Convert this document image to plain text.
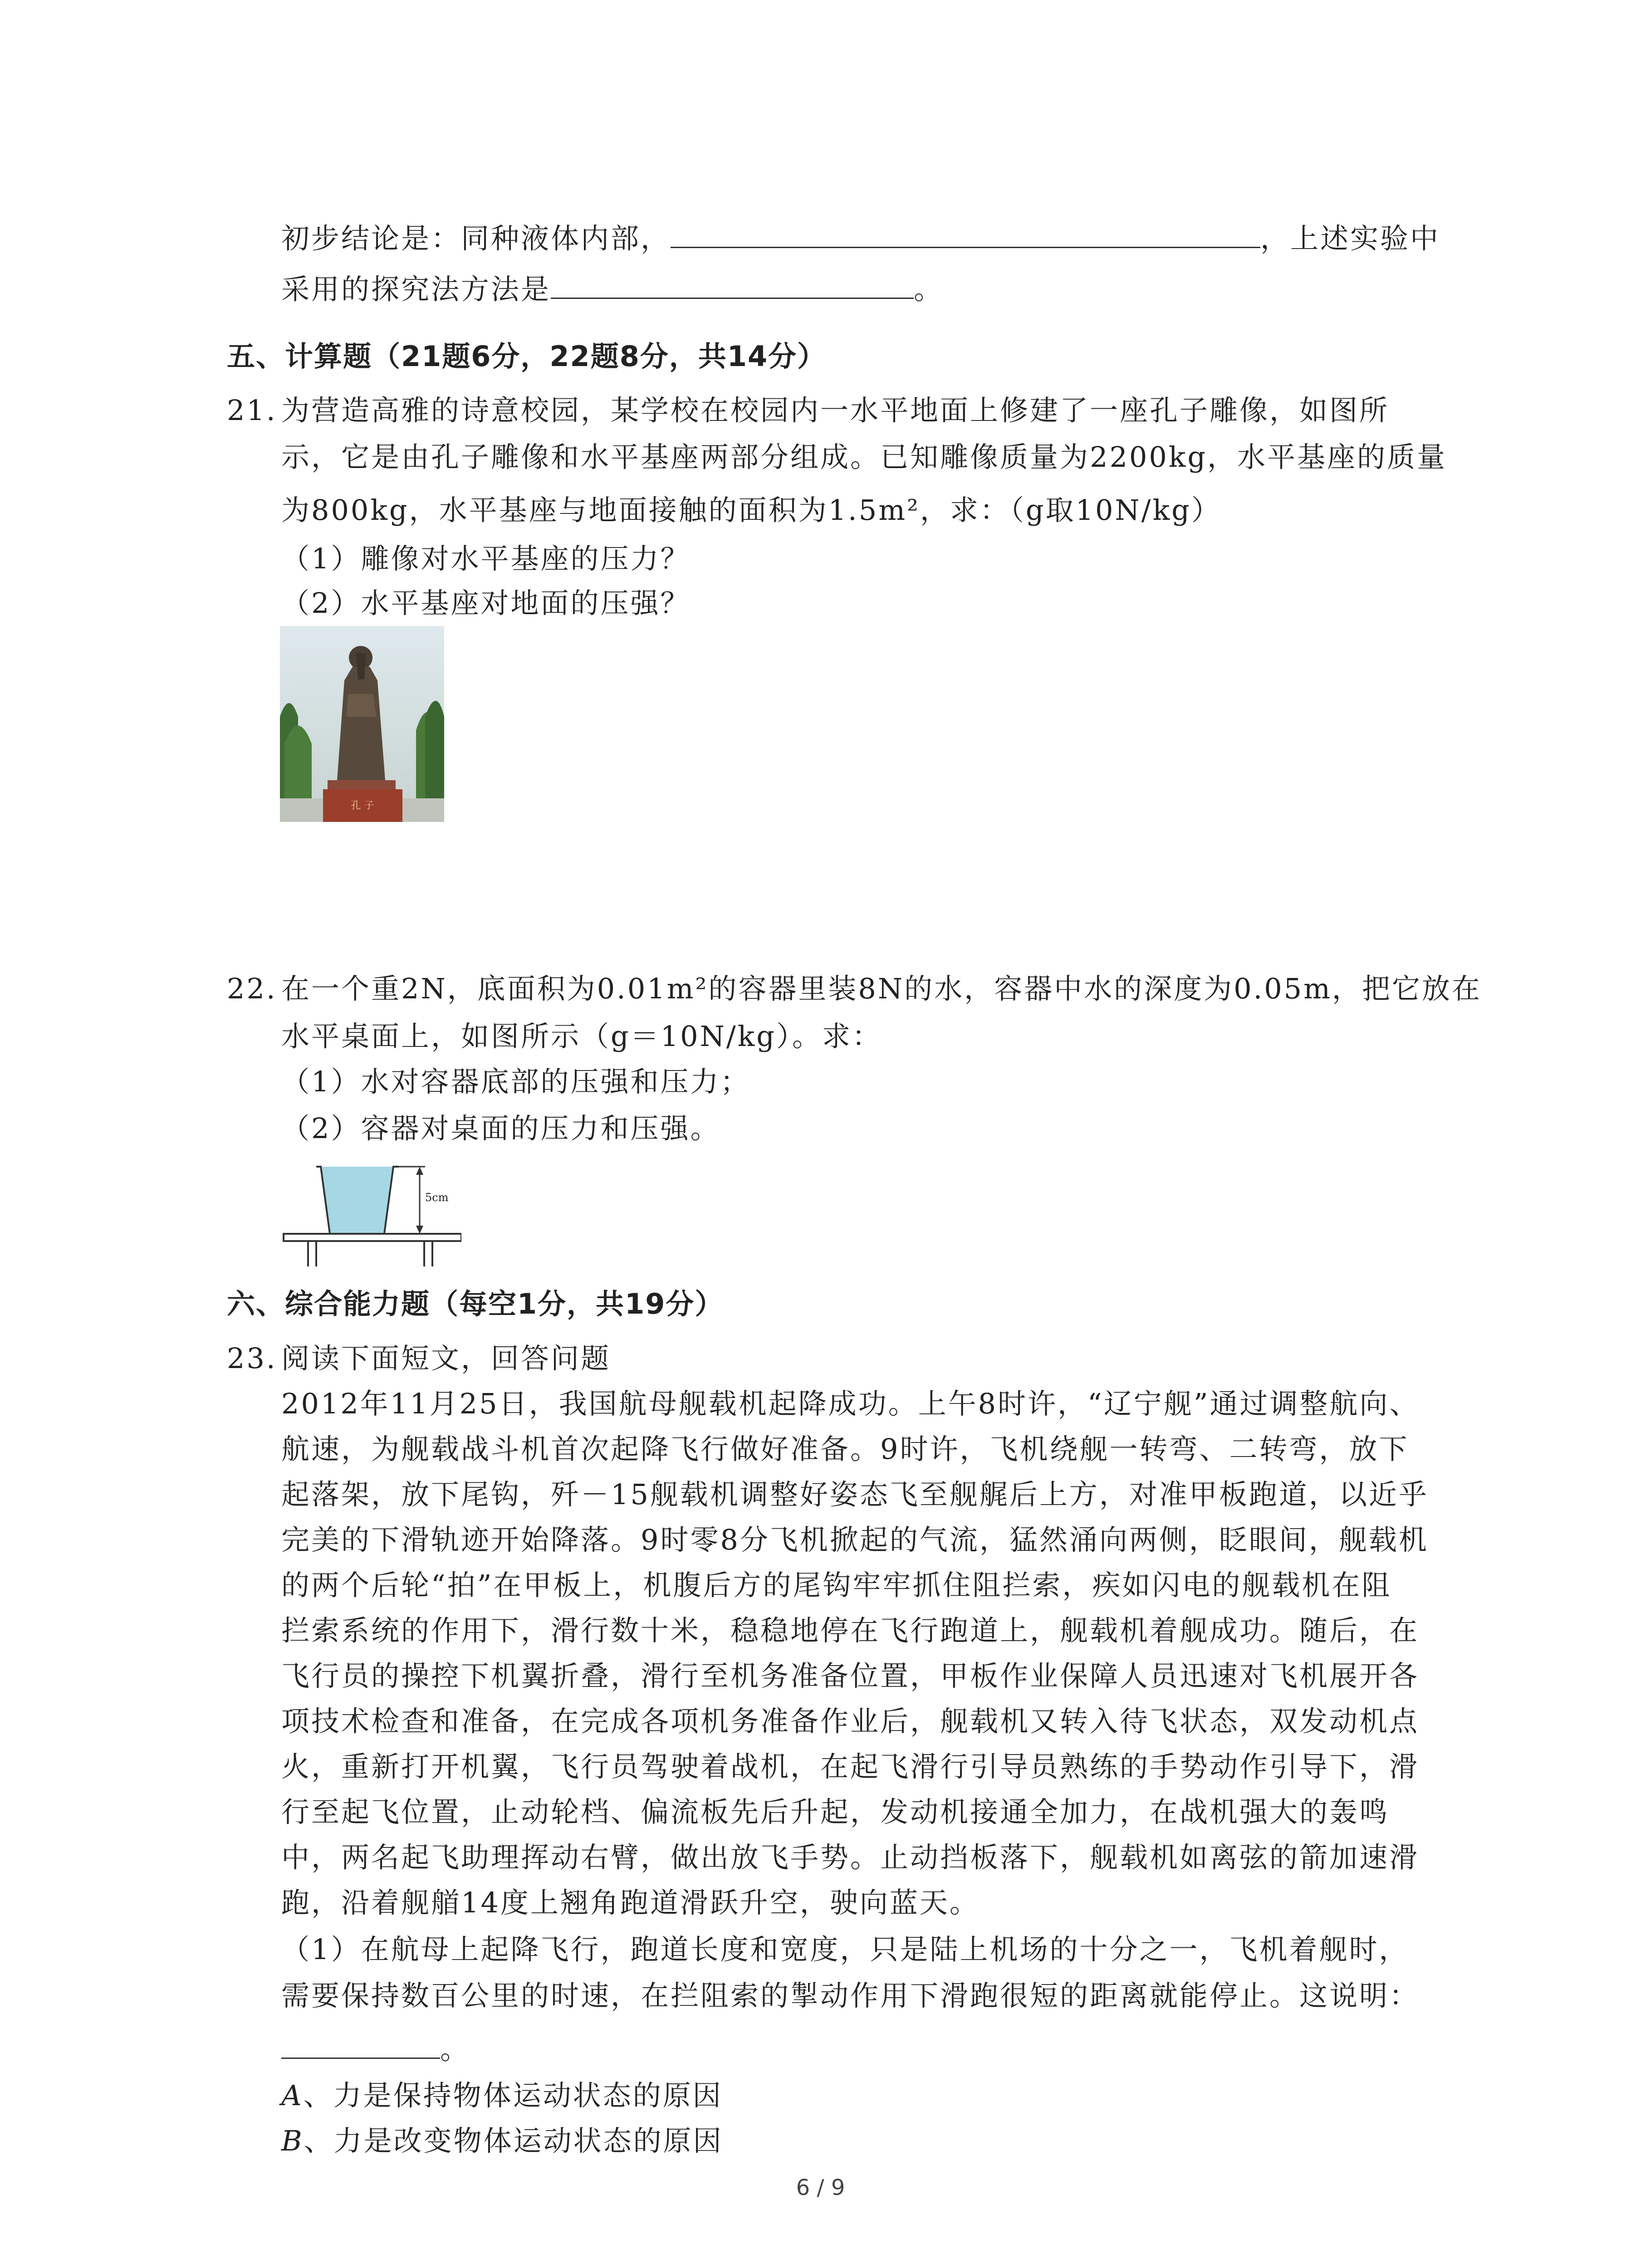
初步结论是：同种液体内部，	，上述实验中
采用的探究法方法是	。
五、计算题（21题6分，22题8分，共14分）
21. 为营造高雅的诗意校园，某学校在校园内一水平地面上修建了一座孔子雕像，如图所
示，它是由孔子雕像和水平基座两部分组成。已知雕像质量为2200kg，水平基座的质量
为800kg，水平基座与地面接触的面积为1.5m²，求：（g取10N/kg）
（1）雕像对水平基座的压力？
（2）水平基座对地面的压强？
孔 子
22. 在一个重2N，底面积为0.01m²的容器里装8N的水，容器中水的深度为0.05m，把它放在
水平桌面上，如图所示（g＝10N/kg）。求：
（1）水对容器底部的压强和压力；
（2）容器对桌面的压力和压强。
5cm
六、综合能力题（每空1分，共19分）
23. 阅读下面短文，回答问题
2012年11月25日，我国航母舰载机起降成功。上午8时许，“辽宁舰”通过调整航向、
航速，为舰载战斗机首次起降飞行做好准备。9时许，飞机绕舰一转弯、二转弯，放下
起落架，放下尾钩，歼－15舰载机调整好姿态飞至舰艉后上方，对准甲板跑道，以近乎
完美的下滑轨迹开始降落。9时零8分飞机掀起的气流，猛然涌向两侧，眨眼间，舰载机
的两个后轮“拍”在甲板上，机腹后方的尾钩牢牢抓住阻拦索，疾如闪电的舰载机在阻
拦索系统的作用下，滑行数十米，稳稳地停在飞行跑道上，舰载机着舰成功。随后，在
飞行员的操控下机翼折叠，滑行至机务准备位置，甲板作业保障人员迅速对飞机展开各
项技术检查和准备，在完成各项机务准备作业后，舰载机又转入待飞状态，双发动机点
火，重新打开机翼，飞行员驾驶着战机，在起飞滑行引导员熟练的手势动作引导下，滑
行至起飞位置，止动轮档、偏流板先后升起，发动机接通全加力，在战机强大的轰鸣
中，两名起飞助理挥动右臂，做出放飞手势。止动挡板落下，舰载机如离弦的箭加速滑
跑，沿着舰艏14度上翘角跑道滑跃升空，驶向蓝天。
（1）在航母上起降飞行，跑道长度和宽度，只是陆上机场的十分之一，飞机着舰时，
需要保持数百公里的时速，在拦阻索的掣动作用下滑跑很短的距离就能停止。这说明：
。
A、力是保持物体运动状态的原因
B、力是改变物体运动状态的原因
6 / 9
